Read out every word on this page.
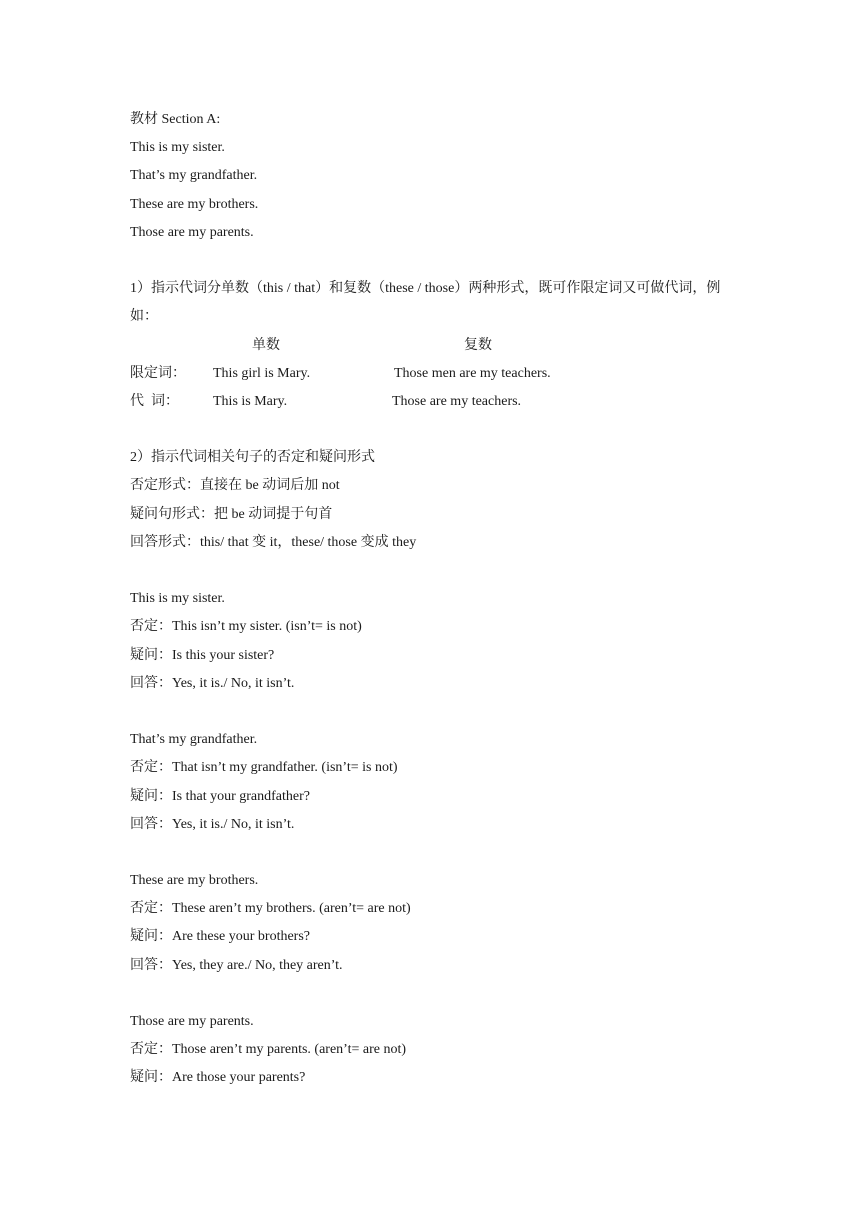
教材 Section A:
This is my sister.
That’s my grandfather.
These are my brothers.
Those are my parents.
1）指示代词分单数（this / that）和复数（these / those）两种形式，既可作限定词又可做代词，例如：
单数	复数
限定词： This girl is Mary.	Those men are my teachers.
代  词： This is Mary.	Those are my teachers.
2）指示代词相关句子的否定和疑问形式
否定形式：直接在 be 动词后加 not
疑问句形式：把 be 动词提于句首
回答形式：this/ that 变 it，these/ those 变成 they
This is my sister.
否定：This isn’t my sister. (isn’t= is not)
疑问：Is this your sister?
回答：Yes, it is./ No, it isn’t.
That’s my grandfather.
否定：That isn’t my grandfather. (isn’t= is not)
疑问：Is that your grandfather?
回答：Yes, it is./ No, it isn’t.
These are my brothers.
否定：These aren’t my brothers. (aren’t= are not)
疑问：Are these your brothers?
回答：Yes, they are./ No, they aren’t.
Those are my parents.
否定：Those aren’t my parents. (aren’t= are not)
疑问：Are those your parents?
